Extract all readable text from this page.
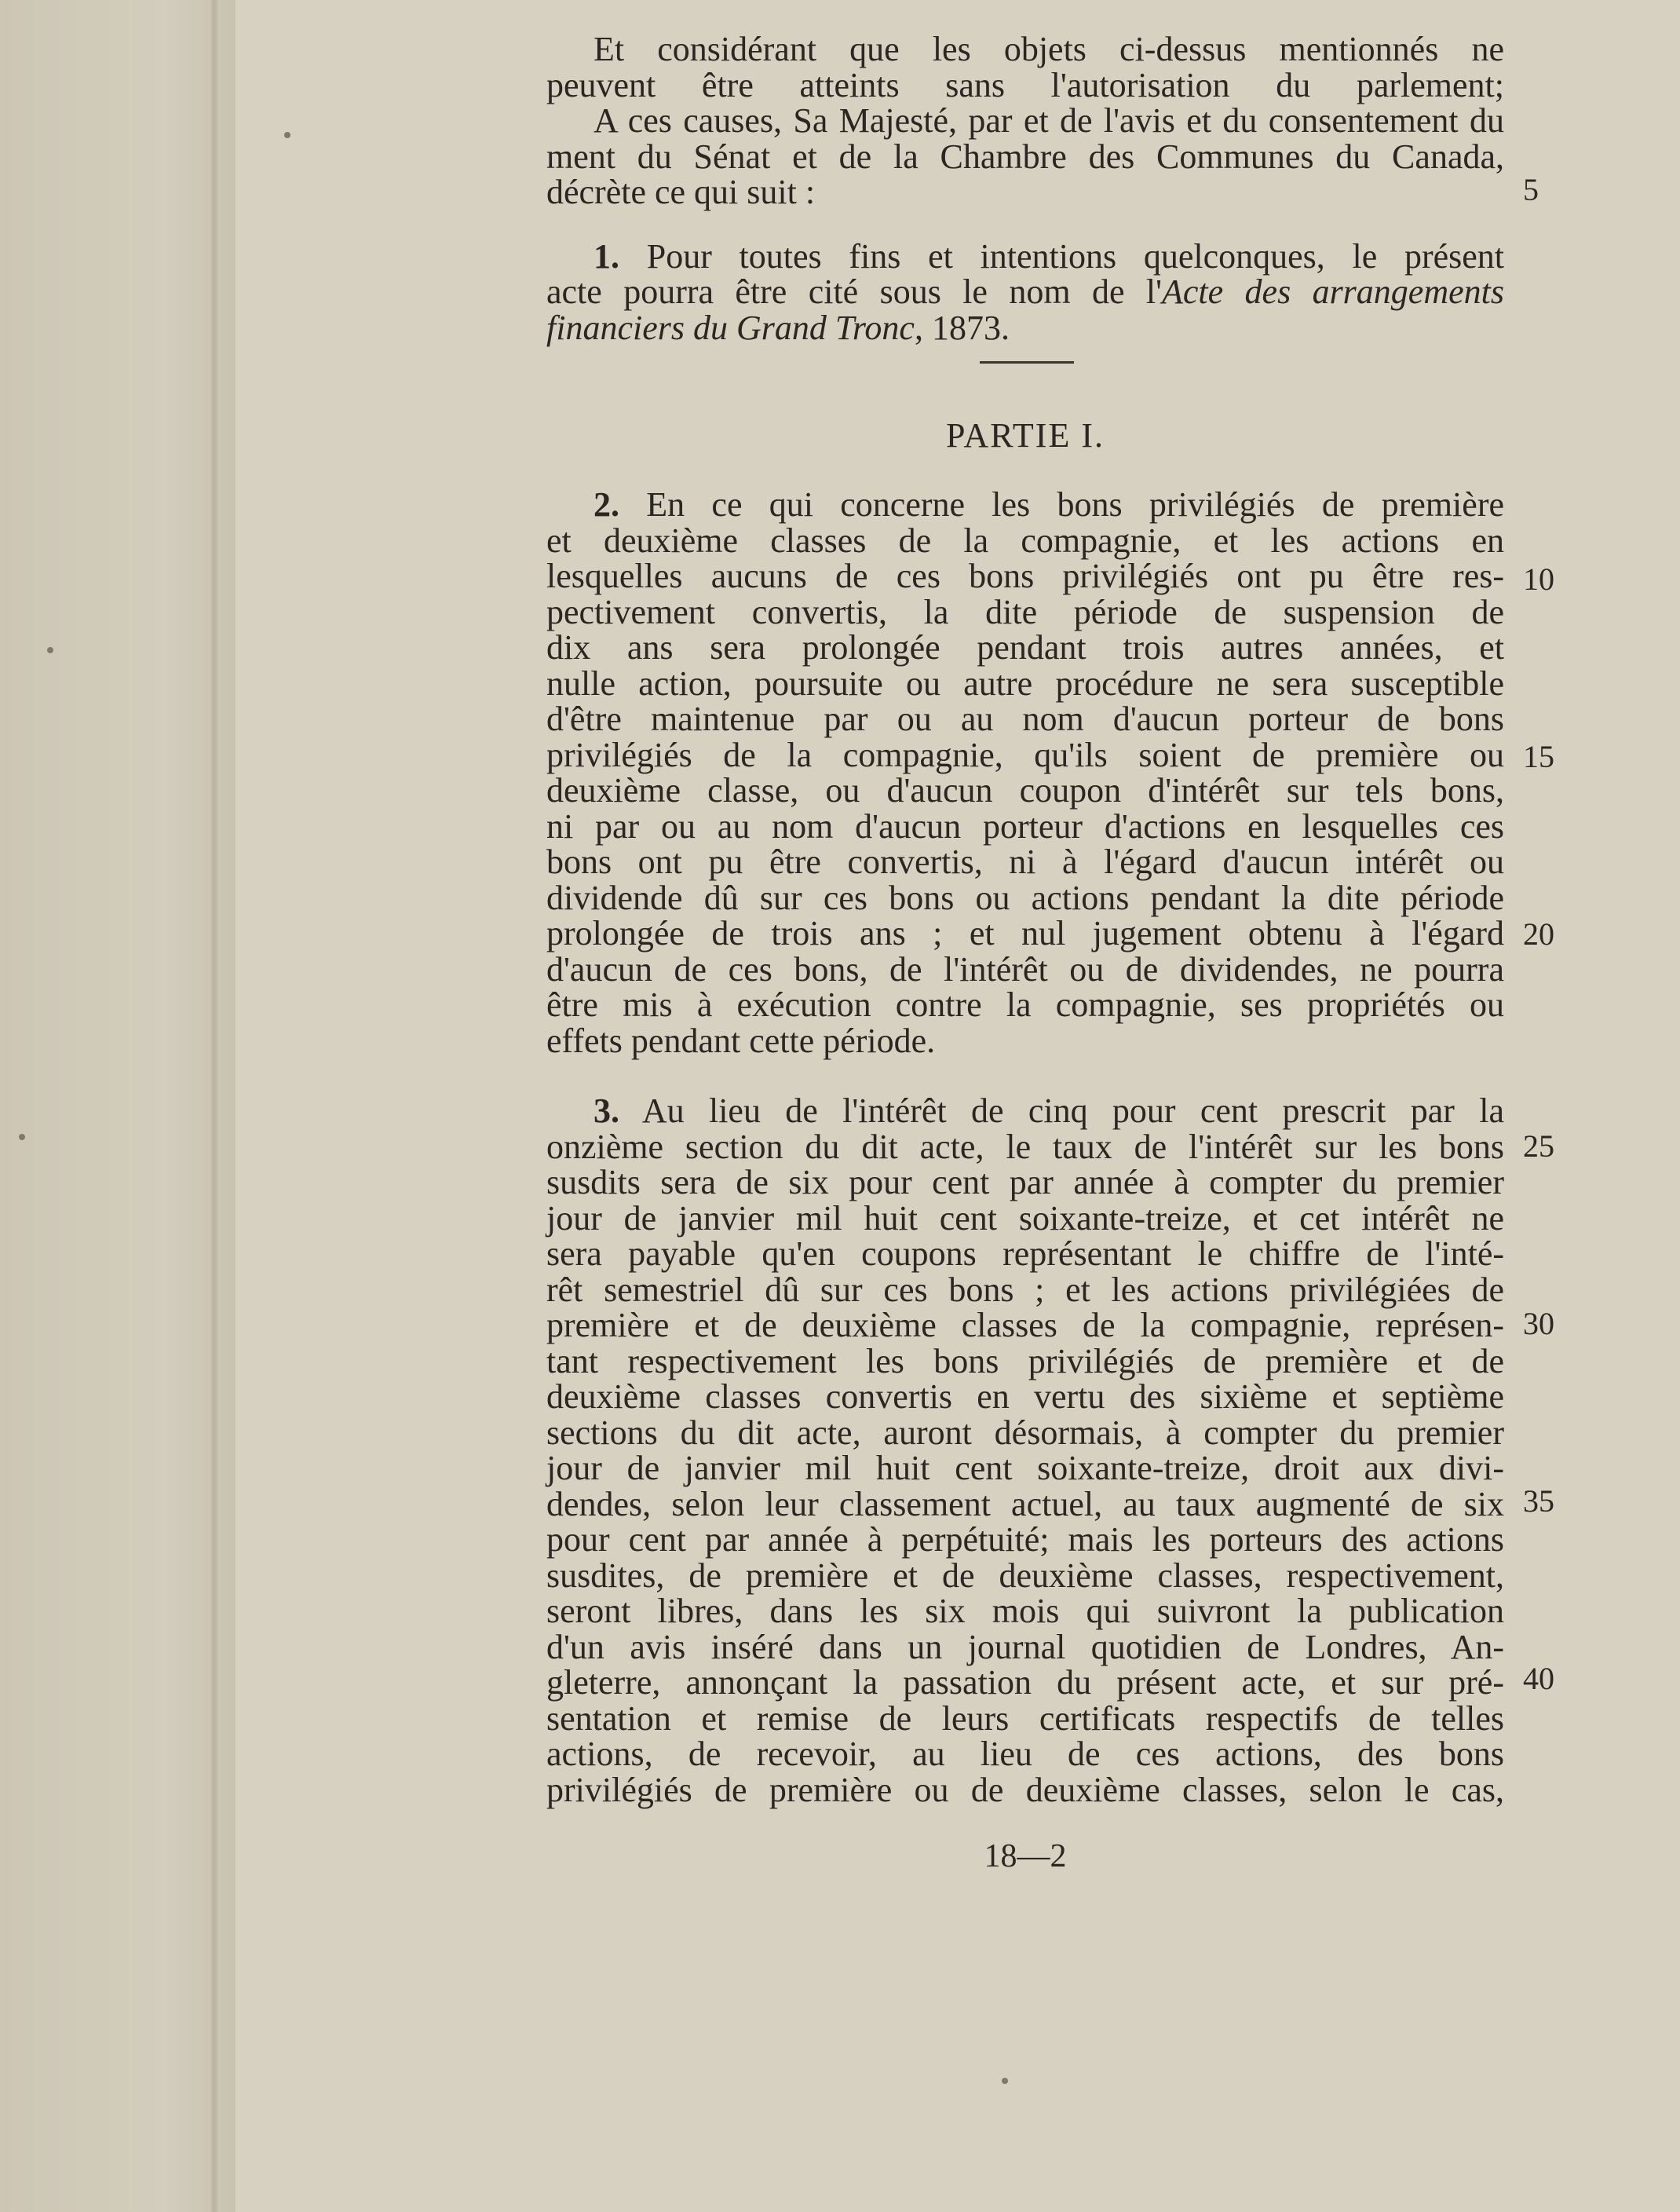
Et considérant que les objets ci-dessus mentionnés ne
peuvent être atteints sans l'autorisation du parlement;
A ces causes, Sa Majesté, par et de l'avis et du consentement du
ment du Sénat et de la Chambre des Communes du Canada,
décrète ce qui suit :
1. Pour toutes fins et intentions quelconques, le présent
acte pourra être cité sous le nom de l'Acte des arrangements
financiers du Grand Tronc, 1873.
PARTIE I.
2. En ce qui concerne les bons privilégiés de première
et deuxième classes de la compagnie, et les actions en
lesquelles aucuns de ces bons privilégiés ont pu être res-
pectivement convertis, la dite période de suspension de
dix ans sera prolongée pendant trois autres années, et
nulle action, poursuite ou autre procédure ne sera susceptible
d'être maintenue par ou au nom d'aucun porteur de bons
privilégiés de la compagnie, qu'ils soient de première ou
deuxième classe, ou d'aucun coupon d'intérêt sur tels bons,
ni par ou au nom d'aucun porteur d'actions en lesquelles ces
bons ont pu être convertis, ni à l'égard d'aucun intérêt ou
dividende dû sur ces bons ou actions pendant la dite période
prolongée de trois ans ; et nul jugement obtenu à l'égard
d'aucun de ces bons, de l'intérêt ou de dividendes, ne pourra
être mis à exécution contre la compagnie, ses propriétés ou
effets pendant cette période.
3. Au lieu de l'intérêt de cinq pour cent prescrit par la
onzième section du dit acte, le taux de l'intérêt sur les bons
susdits sera de six pour cent par année à compter du premier
jour de janvier mil huit cent soixante-treize, et cet intérêt ne
sera payable qu'en coupons représentant le chiffre de l'inté-
rêt semestriel dû sur ces bons ; et les actions privilégiées de
première et de deuxième classes de la compagnie, représen-
tant respectivement les bons privilégiés de première et de
deuxième classes convertis en vertu des sixième et septième
sections du dit acte, auront désormais, à compter du premier
jour de janvier mil huit cent soixante-treize, droit aux divi-
dendes, selon leur classement actuel, au taux augmenté de six
pour cent par année à perpétuité; mais les porteurs des actions
susdites, de première et de deuxième classes, respectivement,
seront libres, dans les six mois qui suivront la publication
d'un avis inséré dans un journal quotidien de Londres, An-
gleterre, annonçant la passation du présent acte, et sur pré-
sentation et remise de leurs certificats respectifs de telles
actions, de recevoir, au lieu de ces actions, des bons
privilégiés de première ou de deuxième classes, selon le cas,
5
10
15
20
25
30
35
40
18—2
